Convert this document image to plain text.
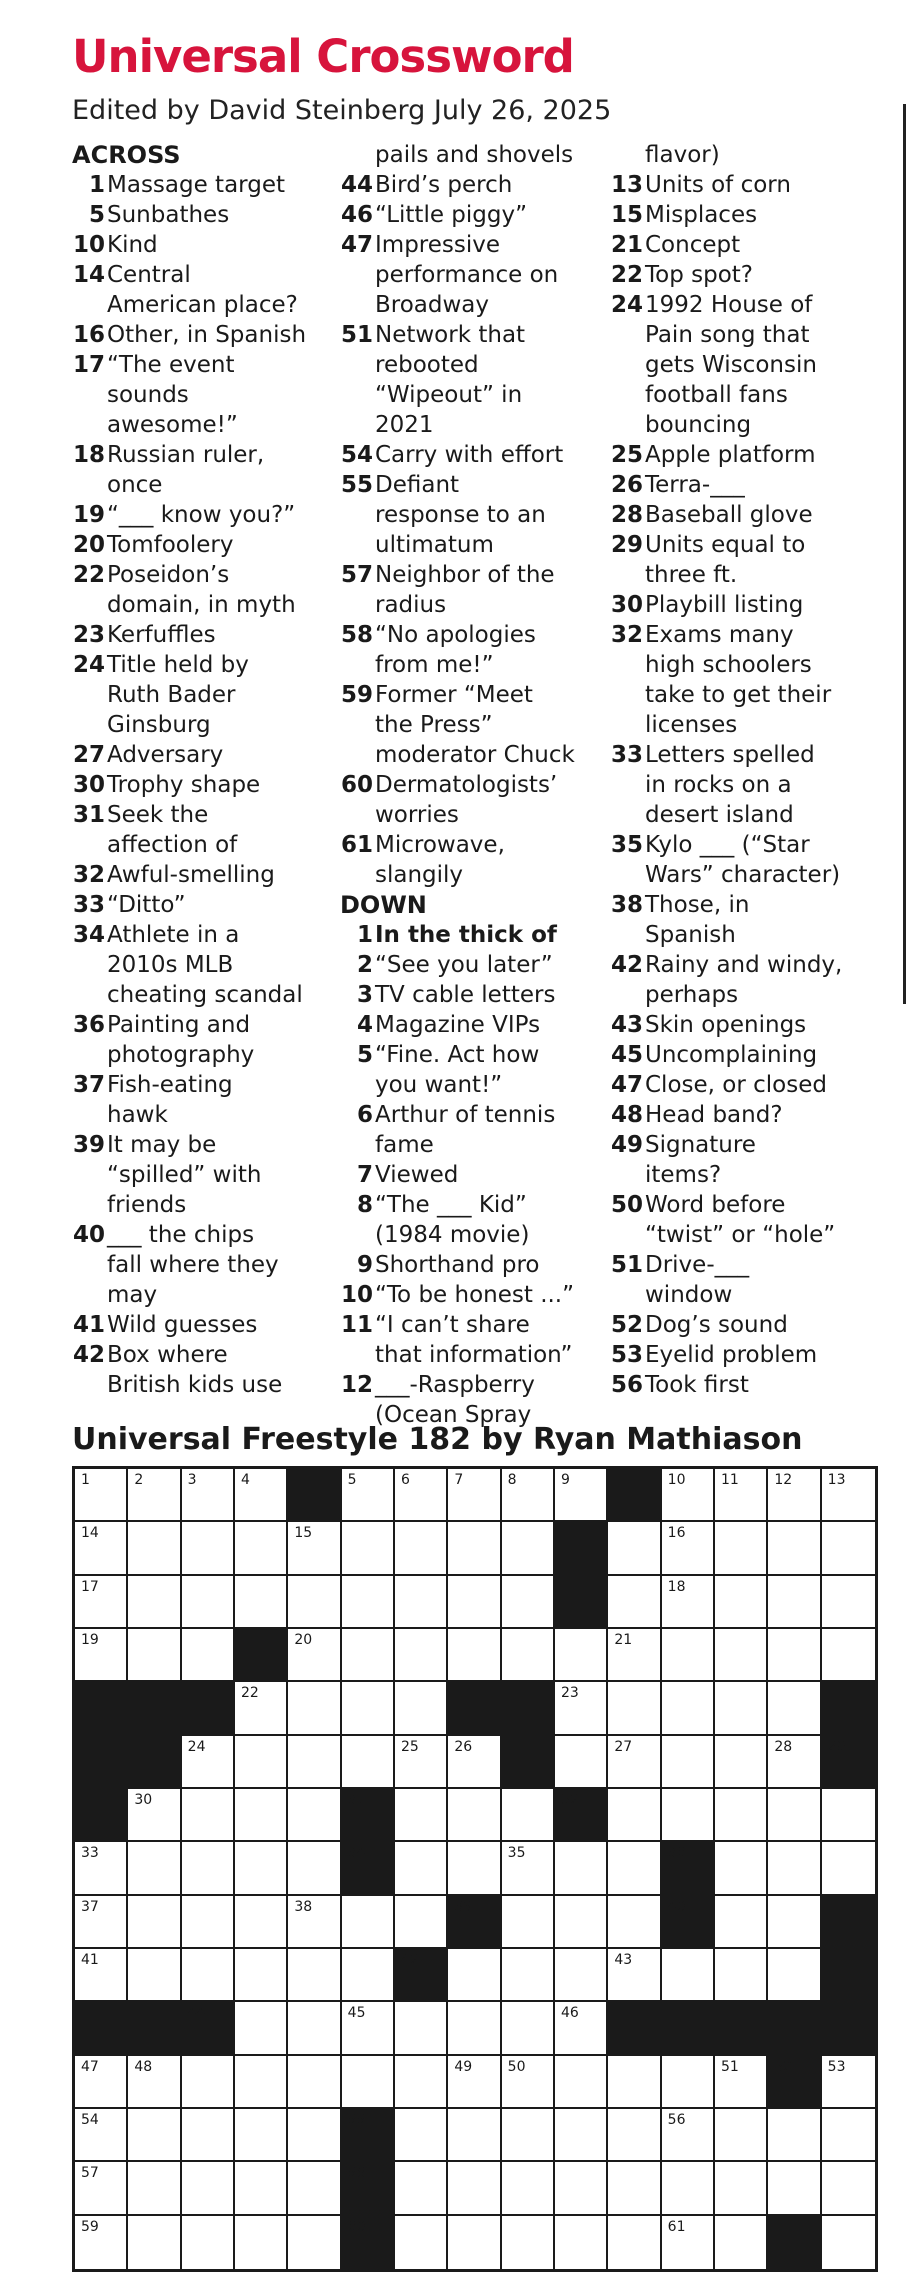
Universal Crossword

Edited by David Steinberg July 26, 2025

ACROSS
1 Massage target
5 Sunbathes
10 Kind
14 Central
American place?
16 Other, in Spanish
17 “The event
sounds
awesome!”
18 Russian ruler,
once
19 “___ know you?”
20 Tomfoolery
22 Poseidon’s
domain, in myth
23 Kerfuffles
24 Title held by
Ruth Bader
Ginsburg
27 Adversary
30 Trophy shape
31 Seek the
affection of
32 Awful-smelling
33 “Ditto”
34 Athlete in a
2010s MLB
cheating scandal
36 Painting and
photography
37 Fish-eating
hawk
39 It may be
“spilled” with
friends
40 ___ the chips
fall where they
may
41 Wild guesses
42 Box where
British kids use
pails and shovels
44 Bird’s perch
46 “Little piggy”
47 Impressive
performance on
Broadway
51 Network that
rebooted
“Wipeout” in
2021
54 Carry with effort
55 Defiant
response to an
ultimatum
57 Neighbor of the
radius
58 “No apologies
from me!”
59 Former “Meet
the Press”
moderator Chuck
60 Dermatologists’
worries
61 Microwave,
slangily
DOWN
1 In the thick of
2 “See you later”
3 TV cable letters
4 Magazine VIPs
5 “Fine. Act how
you want!”
6 Arthur of tennis
fame
7 Viewed
8 “The ___ Kid”
(1984 movie)
9 Shorthand pro
10 “To be honest ...”
11 “I can’t share
that information”
12 ___-Raspberry
(Ocean Spray
flavor)
13 Units of corn
15 Misplaces
21 Concept
22 Top spot?
24 1992 House of
Pain song that
gets Wisconsin
football fans
bouncing
25 Apple platform
26 Terra-___
28 Baseball glove
29 Units equal to
three ft.
30 Playbill listing
32 Exams many
high schoolers
take to get their
licenses
33 Letters spelled
in rocks on a
desert island
35 Kylo ___ (“Star
Wars” character)
38 Those, in
Spanish
42 Rainy and windy,
perhaps
43 Skin openings
45 Uncomplaining
47 Close, or closed
48 Head band?
49 Signature
items?
50 Word before
“twist” or “hole”
51 Drive-___
window
52 Dog’s sound
53 Eyelid problem
56 Took first
Universal Freestyle 182 by Ryan Mathiason
1	2	3	4	5	6	7	8	9	10	11	12	13
14	15	16
17	18
19	20	21
22	23
24	25	26	27	28	29
30	31	32
33	34	35	36
37	38	39	40
41	42	43
44	45	46
47	48	49	50	51	52	53
54	55	56
57	58
59	60	61
